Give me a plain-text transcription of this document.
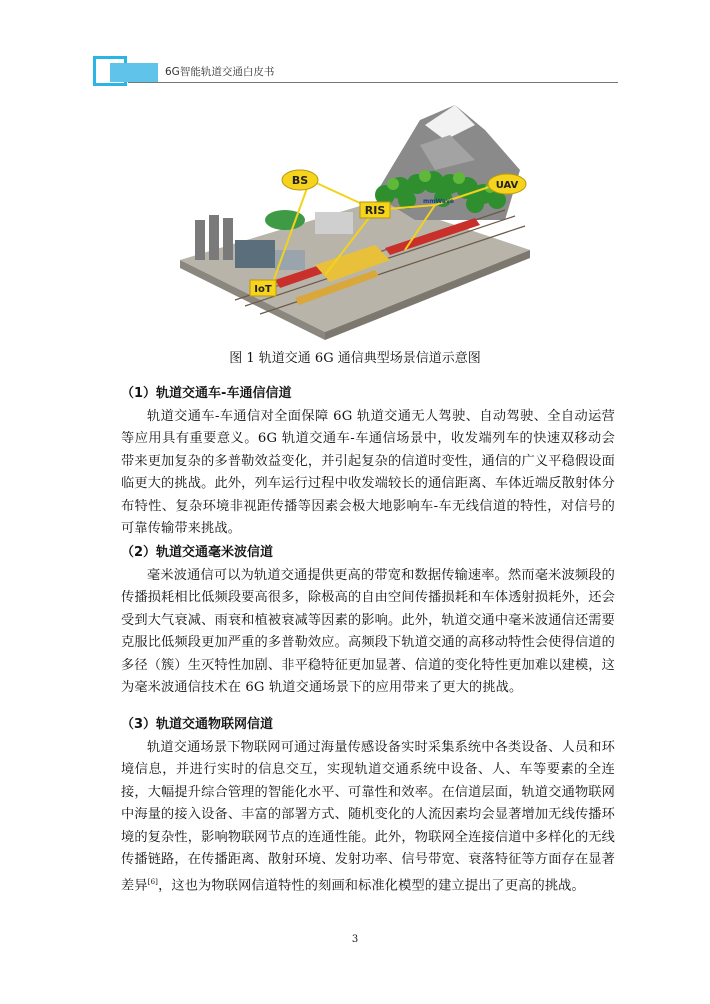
6G智能轨道交通白皮书
BS
RIS
mmWave
UAV
IoT
图 1 轨道交通 6G 通信典型场景信道示意图
（1）轨道交通车-车通信信道
轨道交通车-车通信对全面保障 6G 轨道交通无人驾驶、自动驾驶、全自动运营等应用具有重要意义。6G 轨道交通车-车通信场景中，收发端列车的快速双移动会带来更加复杂的多普勒效益变化，并引起复杂的信道时变性，通信的广义平稳假设面临更大的挑战。此外，列车运行过程中收发端较长的通信距离、车体近端反散射体分布特性、复杂环境非视距传播等因素会极大地影响车-车无线信道的特性，对信号的可靠传输带来挑战。
（2）轨道交通毫米波信道
毫米波通信可以为轨道交通提供更高的带宽和数据传输速率。然而毫米波频段的传播损耗相比低频段要高很多，除极高的自由空间传播损耗和车体透射损耗外，还会受到大气衰减、雨衰和植被衰减等因素的影响。此外，轨道交通中毫米波通信还需要克服比低频段更加严重的多普勒效应。高频段下轨道交通的高移动特性会使得信道的多径（簇）生灭特性加剧、非平稳特征更加显著、信道的变化特性更加难以建模，这为毫米波通信技术在 6G 轨道交通场景下的应用带来了更大的挑战。
（3）轨道交通物联网信道
轨道交通场景下物联网可通过海量传感设备实时采集系统中各类设备、人员和环境信息，并进行实时的信息交互，实现轨道交通系统中设备、人、车等要素的全连接，大幅提升综合管理的智能化水平、可靠性和效率。在信道层面，轨道交通物联网中海量的接入设备、丰富的部署方式、随机变化的人流因素均会显著增加无线传播环境的复杂性，影响物联网节点的连通性能。此外，物联网全连接信道中多样化的无线传播链路，在传播距离、散射环境、发射功率、信号带宽、衰落特征等方面存在显著差异[6]，这也为物联网信道特性的刻画和标准化模型的建立提出了更高的挑战。
3
